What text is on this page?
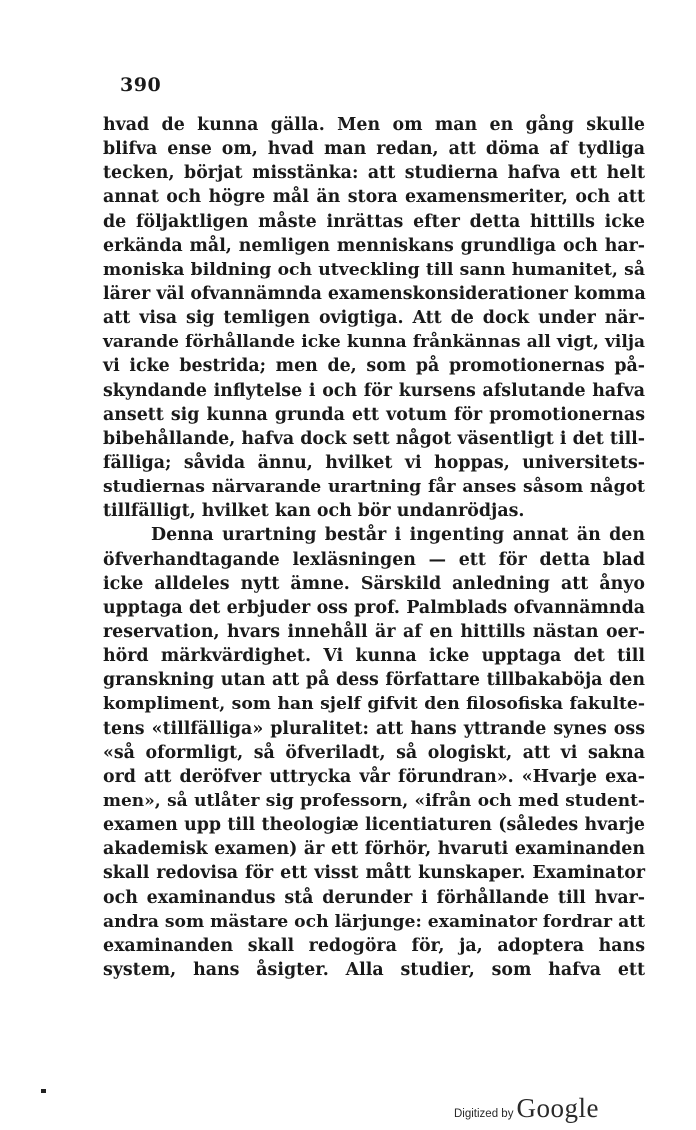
390
hvad de kunna gälla. Men om man en gång skulle
blifva ense om, hvad man redan, att döma af tydliga
tecken, börjat misstänka: att studierna hafva ett helt
annat och högre mål än stora examensmeriter, och att
de följaktligen måste inrättas efter detta hittills icke
erkända mål, nemligen menniskans grundliga och har-
moniska bildning och utveckling till sann humanitet, så
lärer väl ofvannämnda examenskonsiderationer komma
att visa sig temligen ovigtiga. Att de dock under när-
varande förhållande icke kunna frånkännas all vigt, vilja
vi icke bestrida; men de, som på promotionernas på-
skyndande inflytelse i och för kursens afslutande hafva
ansett sig kunna grunda ett votum för promotionernas
bibehållande, hafva dock sett något väsentligt i det till-
fälliga; såvida ännu, hvilket vi hoppas, universitets-
studiernas närvarande urartning får anses såsom något
tillfälligt, hvilket kan och bör undanrödjas.
Denna urartning består i ingenting annat än den
öfverhandtagande lexläsningen — ett för detta blad
icke alldeles nytt ämne. Särskild anledning att ånyo
upptaga det erbjuder oss prof. Palmblads ofvannämnda
reservation, hvars innehåll är af en hittills nästan oer-
hörd märkvärdighet. Vi kunna icke upptaga det till
granskning utan att på dess författare tillbakaböja den
kompliment, som han sjelf gifvit den filosofiska fakulte-
tens «tillfälliga» pluralitet: att hans yttrande synes oss
«så oformligt, så öfveriladt, så ologiskt, att vi sakna
ord att deröfver uttrycka vår förundran». «Hvarje exa-
men», så utlåter sig professorn, «ifrån och med student-
examen upp till theologiæ licentiaturen (således hvarje
akademisk examen) är ett förhör, hvaruti examinanden
skall redovisa för ett visst mått kunskaper. Examinator
och examinandus stå derunder i förhållande till hvar-
andra som mästare och lärjunge: examinator fordrar att
examinanden skall redogöra för, ja, adoptera hans
system, hans åsigter. Alla studier, som hafva ett
Digitized by Google
